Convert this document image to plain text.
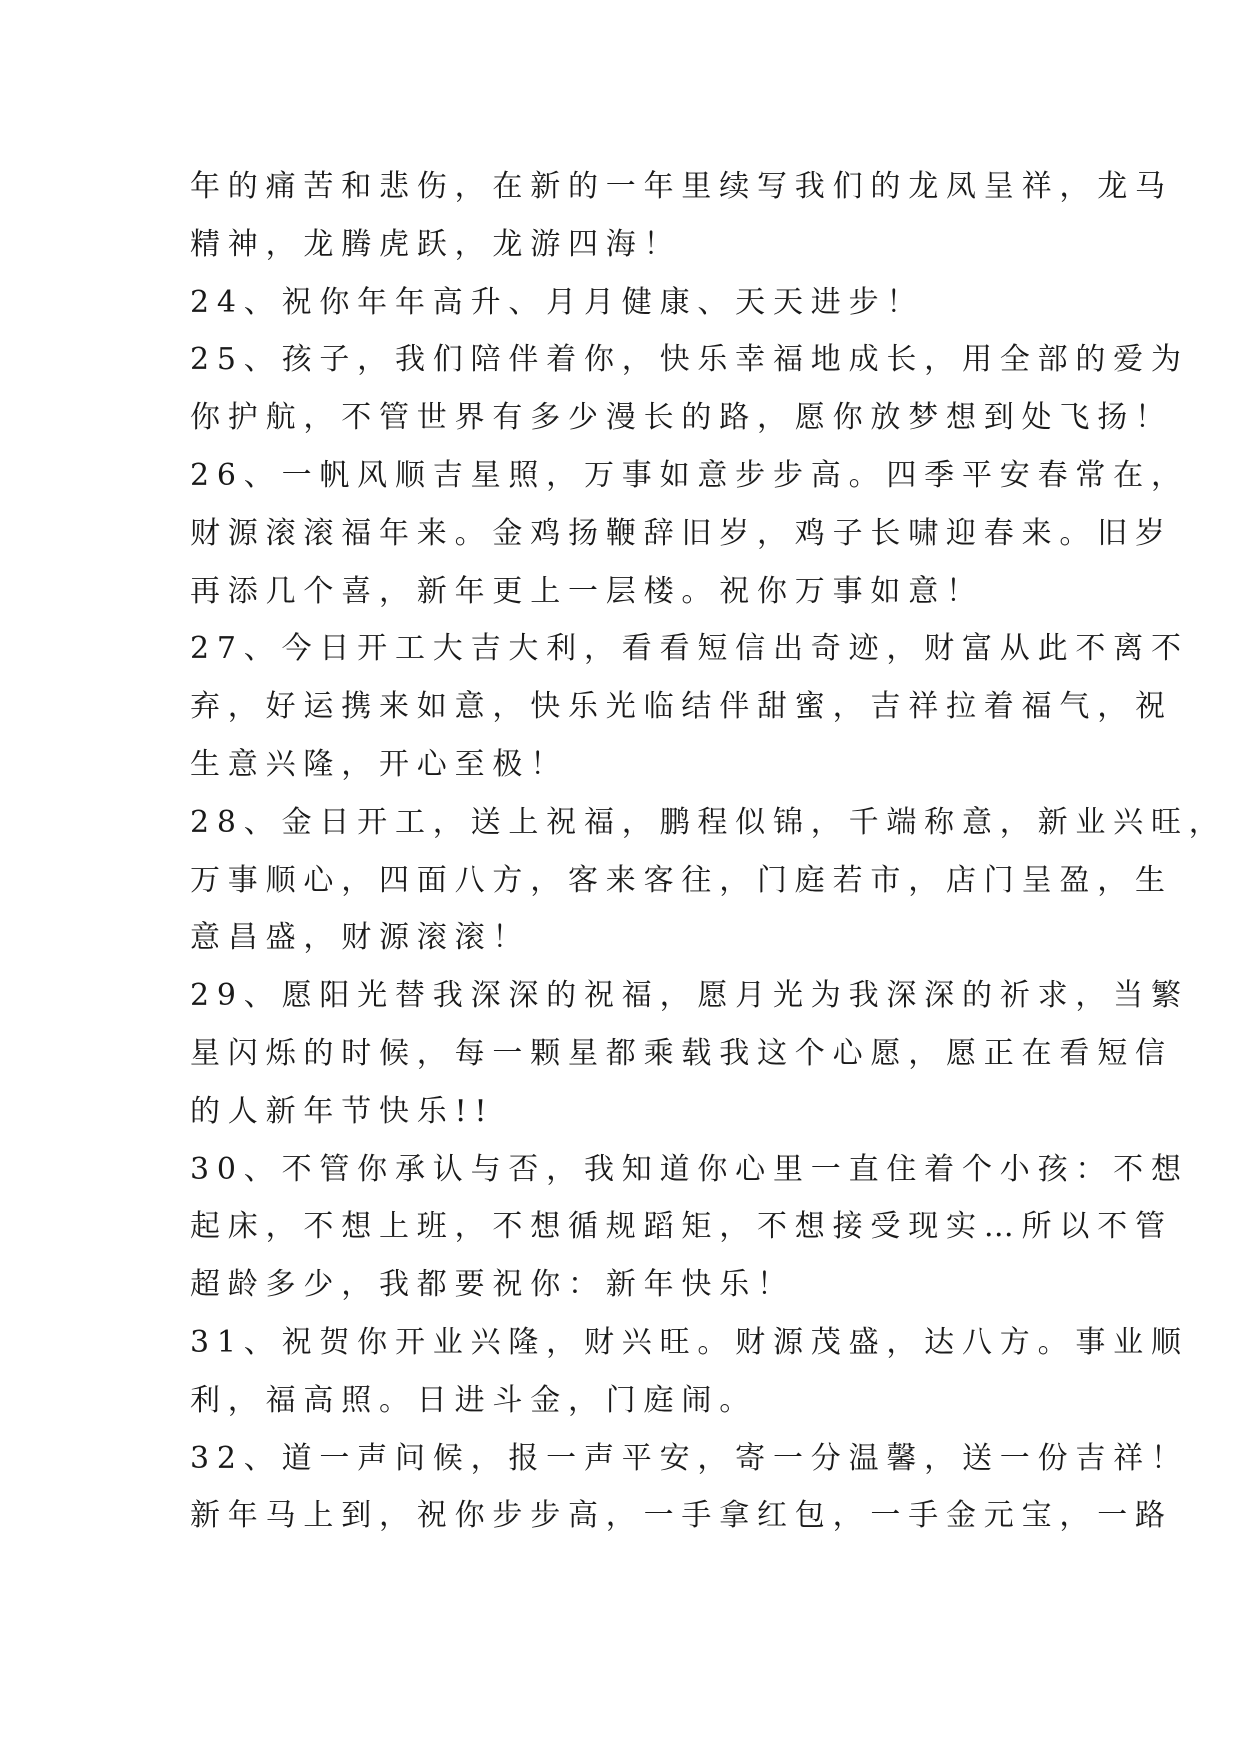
年的痛苦和悲伤，在新的一年里续写我们的龙凤呈祥，龙马
精神，龙腾虎跃，龙游四海！
24、祝你年年高升、月月健康、天天进步！
25、孩子，我们陪伴着你，快乐幸福地成长，用全部的爱为
你护航，不管世界有多少漫长的路，愿你放梦想到处飞扬！
26、一帆风顺吉星照，万事如意步步高。四季平安春常在，
财源滚滚福年来。金鸡扬鞭辞旧岁，鸡子长啸迎春来。旧岁
再添几个喜，新年更上一层楼。祝你万事如意！
27、今日开工大吉大利，看看短信出奇迹，财富从此不离不
弃，好运携来如意，快乐光临结伴甜蜜，吉祥拉着福气，祝
生意兴隆，开心至极！
28、金日开工，送上祝福，鹏程似锦，千端称意，新业兴旺，
万事顺心，四面八方，客来客往，门庭若市，店门呈盈，生
意昌盛，财源滚滚！
29、愿阳光替我深深的祝福，愿月光为我深深的祈求，当繁
星闪烁的时候，每一颗星都乘载我这个心愿，愿正在看短信
的人新年节快乐!!
30、不管你承认与否，我知道你心里一直住着个小孩：不想
起床，不想上班，不想循规蹈矩，不想接受现实…所以不管
超龄多少，我都要祝你：新年快乐！
31、祝贺你开业兴隆，财兴旺。财源茂盛，达八方。事业顺
利，福高照。日进斗金，门庭闹。
32、道一声问候，报一声平安，寄一分温馨，送一份吉祥！
新年马上到，祝你步步高，一手拿红包，一手金元宝，一路
